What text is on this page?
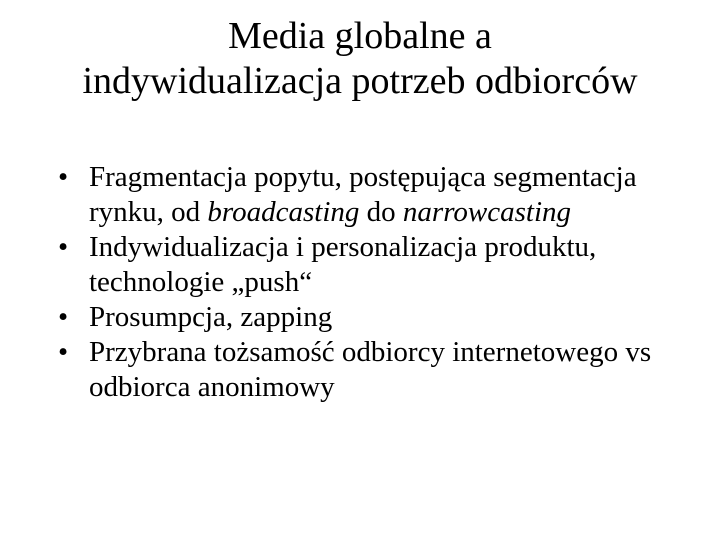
Media globalne a
indywidualizacja potrzeb odbiorców
• Fragmentacja popytu, postępująca segmentacja rynku, od broadcasting do narrowcasting
• Indywidualizacja i personalizacja produktu, technologie „push“
• Prosumpcja, zapping
• Przybrana tożsamość odbiorcy internetowego vs odbiorca anonimowy
